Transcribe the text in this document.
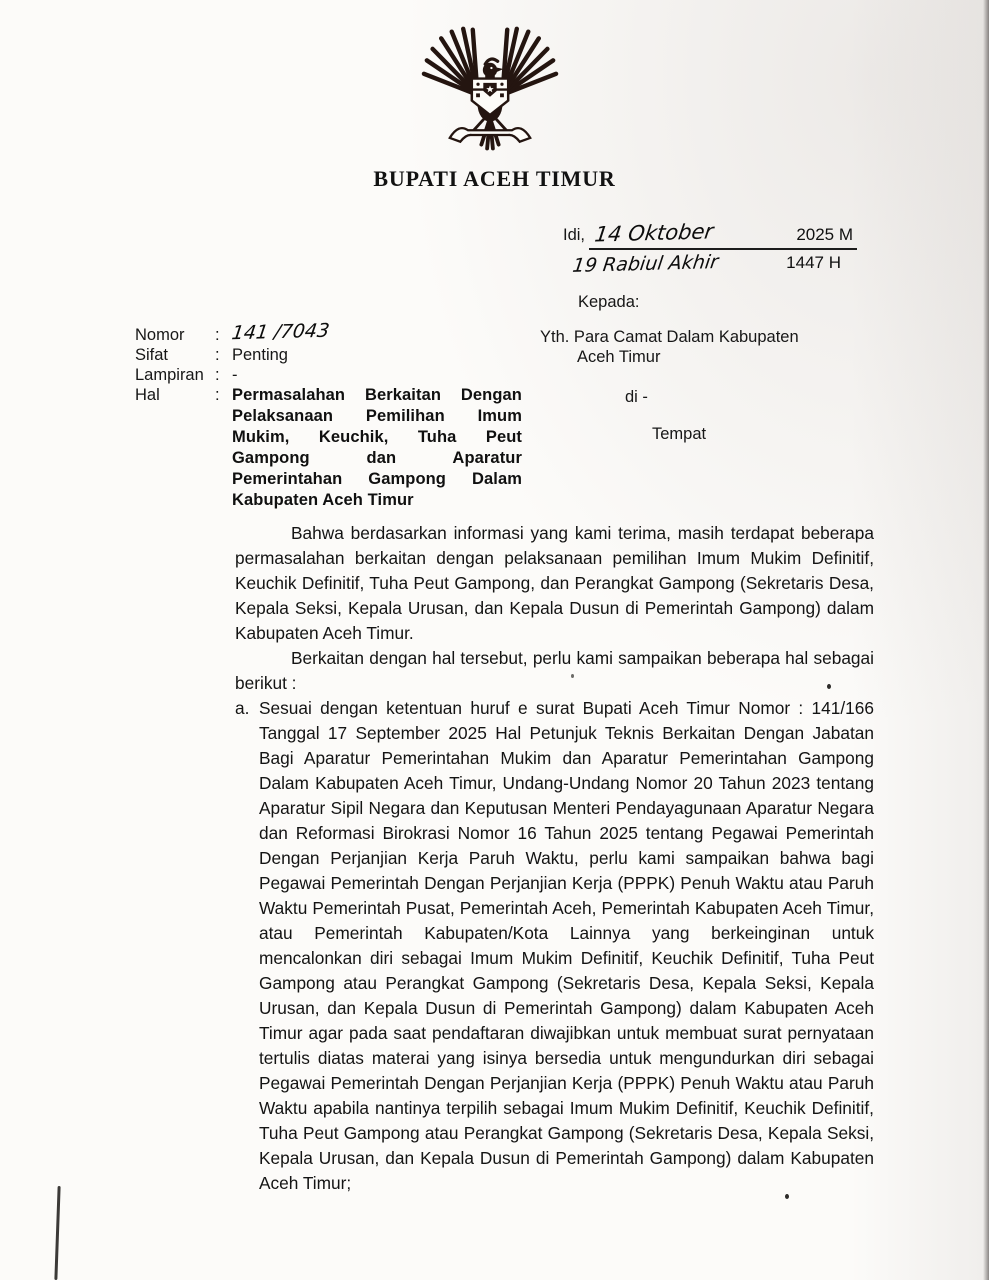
BUPATI ACEH TIMUR
Idi, 14 Oktober	2025 M
19 Rabiul Akhir	1447 H
Kepada:
Nomor	: 141 /7043
Sifat	: Penting
Lampiran : -
Hal	: Permasalahan Berkaitan Dengan Pelaksanaan Pemilihan Imum Mukim, Keuchik, Tuha Peut Gampong dan Aparatur Pemerintahan Gampong Dalam Kabupaten Aceh Timur
Yth. Para Camat Dalam Kabupaten
Aceh Timur
di -
Tempat

Bahwa berdasarkan informasi yang kami terima, masih terdapat beberapa permasalahan berkaitan dengan pelaksanaan pemilihan Imum Mukim Definitif, Keuchik Definitif, Tuha Peut Gampong, dan Perangkat Gampong (Sekretaris Desa, Kepala Seksi, Kepala Urusan, dan Kepala Dusun di Pemerintah Gampong) dalam Kabupaten Aceh Timur.

Berkaitan dengan hal tersebut, perlu kami sampaikan beberapa hal sebagai berikut :

a. Sesuai dengan ketentuan huruf e surat Bupati Aceh Timur Nomor : 141/166 Tanggal 17 September 2025 Hal Petunjuk Teknis Berkaitan Dengan Jabatan Bagi Aparatur Pemerintahan Mukim dan Aparatur Pemerintahan Gampong Dalam Kabupaten Aceh Timur, Undang-Undang Nomor 20 Tahun 2023 tentang Aparatur Sipil Negara dan Keputusan Menteri Pendayagunaan Aparatur Negara dan Reformasi Birokrasi Nomor 16 Tahun 2025 tentang Pegawai Pemerintah Dengan Perjanjian Kerja Paruh Waktu, perlu kami sampaikan bahwa bagi Pegawai Pemerintah Dengan Perjanjian Kerja (PPPK) Penuh Waktu atau Paruh Waktu Pemerintah Pusat, Pemerintah Aceh, Pemerintah Kabupaten Aceh Timur, atau Pemerintah Kabupaten/Kota Lainnya yang berkeinginan untuk mencalonkan diri sebagai Imum Mukim Definitif, Keuchik Definitif, Tuha Peut Gampong atau Perangkat Gampong (Sekretaris Desa, Kepala Seksi, Kepala Urusan, dan Kepala Dusun di Pemerintah Gampong) dalam Kabupaten Aceh Timur agar pada saat pendaftaran diwajibkan untuk membuat surat pernyataan tertulis diatas materai yang isinya bersedia untuk mengundurkan diri sebagai Pegawai Pemerintah Dengan Perjanjian Kerja (PPPK) Penuh Waktu atau Paruh Waktu apabila nantinya terpilih sebagai Imum Mukim Definitif, Keuchik Definitif, Tuha Peut Gampong atau Perangkat Gampong (Sekretaris Desa, Kepala Seksi, Kepala Urusan, dan Kepala Dusun di Pemerintah Gampong) dalam Kabupaten Aceh Timur;
